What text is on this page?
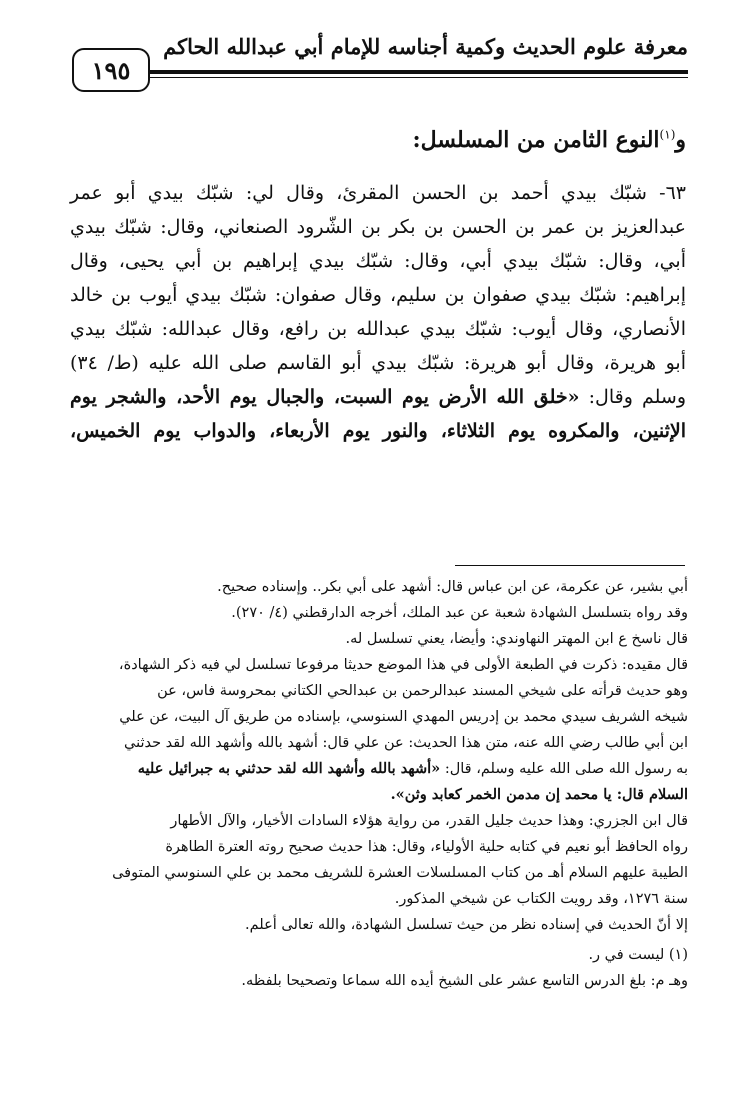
١٩٥
معرفة علوم الحديث وكمية أجناسه للإمام أبي عبدالله الحاكم
و$^{(١)}$النوع الثامن من المسلسل:
٦٣- شبّك بيدي أحمد بن الحسن المقرئ، وقال لي: شبّك بيدي أبو عمر
عبدالعزيز بن عمر بن الحسن بن بكر بن الشّرود الصنعاني، وقال: شبّك بيدي
أبي، وقال: شبّك بيدي أبي، وقال: شبّك بيدي إبراهيم بن أبي يحيى، وقال
إبراهيم: شبّك بيدي صفوان بن سليم، وقال صفوان: شبّك بيدي أيوب بن خالد
الأنصاري، وقال أيوب: شبّك بيدي عبدالله بن رافع، وقال عبدالله: شبّك بيدي
أبو هريرة، وقال أبو هريرة: شبّك بيدي أبو القاسم صلى الله عليه (ط/ ٣٤)
وسلم وقال: «خلق الله الأرض يوم السبت، والجبال يوم الأحد، والشجر يوم
الإثنين، والمكروه يوم الثلاثاء، والنور يوم الأربعاء، والدواب يوم الخميس،
أبي بشير، عن عكرمة، عن ابن عباس قال: أشهد على أبي بكر.. وإسناده صحيح.
وقد رواه بتسلسل الشهادة شعبة عن عبد الملك، أخرجه الدارقطني (٤/ ٢٧٠).
قال ناسخ ع ابن المهتر النهاوندي: وأيضا، يعني تسلسل له.
قال مقيده: ذكرت في الطبعة الأولى في هذا الموضع حديثا مرفوعا تسلسل لي فيه ذكر الشهادة،
وهو حديث قرأته على شيخي المسند عبدالرحمن بن عبدالحي الكتاني بمحروسة فاس، عن
شيخه الشريف سيدي محمد بن إدريس المهدي السنوسي، بإسناده من طريق آل البيت، عن علي
ابن أبي طالب رضي الله عنه، متن هذا الحديث: عن علي قال: أشهد بالله وأشهد الله لقد حدثني
به رسول الله صلى الله عليه وسلم، قال: «أشهد بالله وأشهد الله لقد حدثني به جبرائيل عليه
السلام قال: يا محمد إن مدمن الخمر كعابد وثن».
قال ابن الجزري: وهذا حديث جليل القدر، من رواية هؤلاء السادات الأخيار، والآل الأطهار
رواه الحافظ أبو نعيم في كتابه حلية الأولياء، وقال: هذا حديث صحيح روته العترة الطاهرة
الطيبة عليهم السلام أهـ من كتاب المسلسلات العشرة للشريف محمد بن علي السنوسي المتوفى
سنة ١٢٧٦، وقد رويت الكتاب عن شيخي المذكور.
إلا أنّ الحديث في إسناده نظر من حيث تسلسل الشهادة، والله تعالى أعلم.
(١) ليست في ر.
وهـ م: بلغ الدرس التاسع عشر على الشيخ أيده الله سماعا وتصحيحا بلفظه.
